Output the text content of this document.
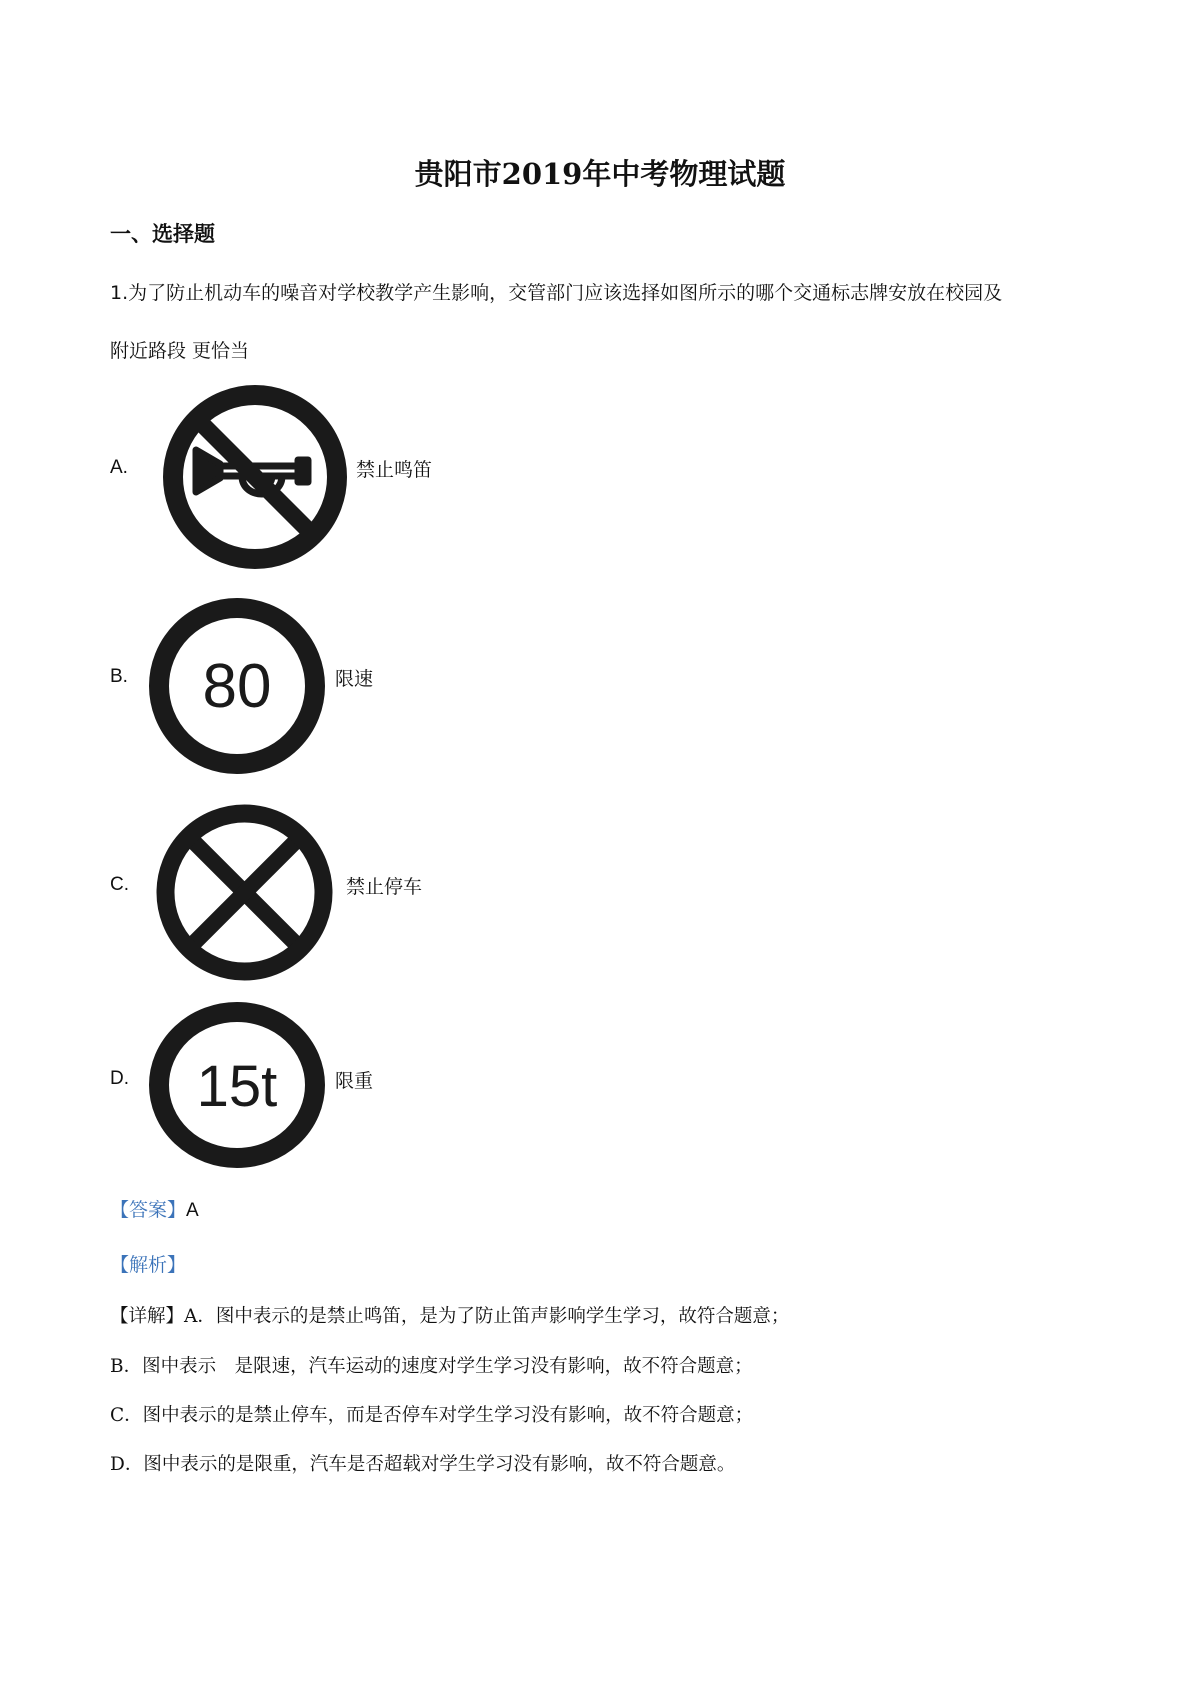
贵阳市2019年中考物理试题
一、选择题
1.为了防止机动车的噪音对学校教学产生影响，交管部门应该选择如图所示的哪个交通标志牌安放在校园及
附近路段 更恰当
A.	禁止鸣笛
B. 80	限速
C.	禁止停车
D. 15t	限重
【答案】A
【解析】
【详解】A．图中表示的是禁止鸣笛，是为了防止笛声影响学生学习，故符合题意；
B．图中表示　是限速，汽车运动的速度对学生学习没有影响，故不符合题意；
C．图中表示的是禁止停车，而是否停车对学生学习没有影响，故不符合题意；
D．图中表示的是限重，汽车是否超载对学生学习没有影响，故不符合题意。
